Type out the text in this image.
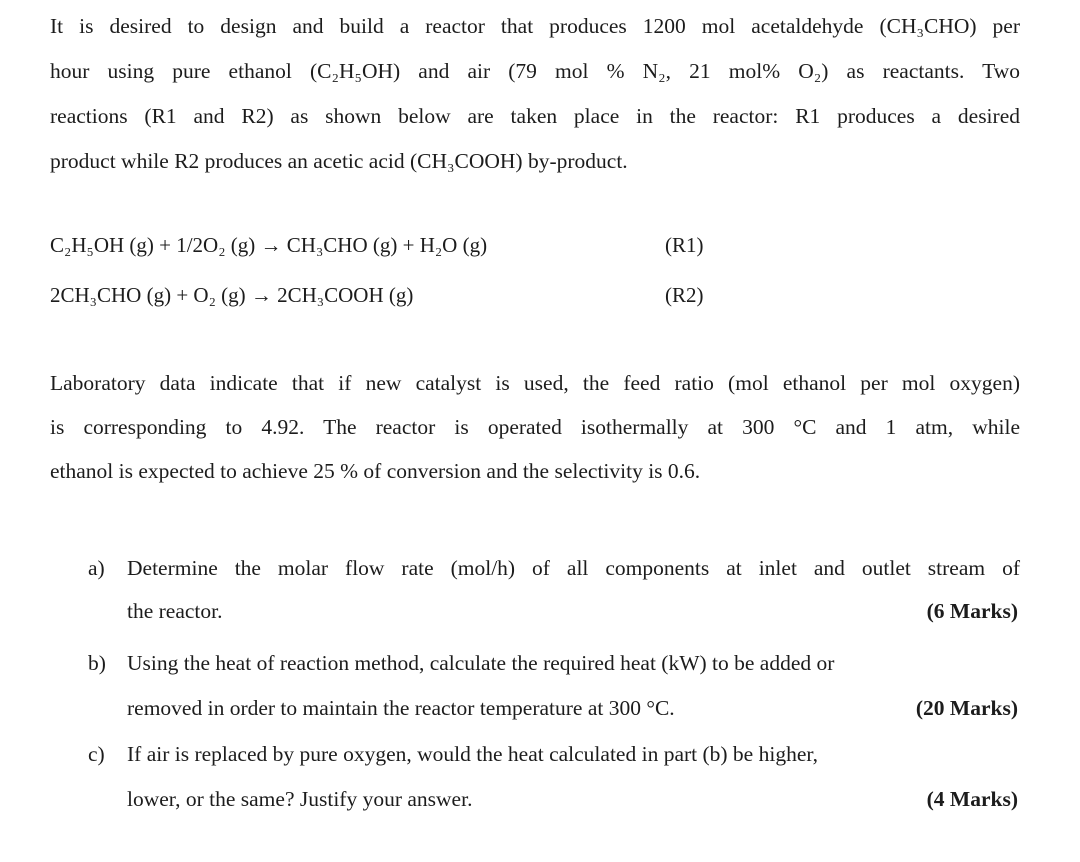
It is desired to design and build a reactor that produces 1200 mol acetaldehyde (CH₃CHO) per
hour using pure ethanol (C₂H₅OH) and air (79 mol % N₂, 21 mol% O₂) as reactants. Two
reactions (R1 and R2) as shown below are taken place in the reactor: R1 produces a desired
product while R2 produces an acetic acid (CH₃COOH) by-product.
C₂H₅OH (g) + 1/2O₂ (g) → CH₃CHO (g) + H₂O (g)	(R1)
2CH₃CHO (g) + O₂ (g) → 2CH₃COOH (g)	(R2)
Laboratory data indicate that if new catalyst is used, the feed ratio (mol ethanol per mol oxygen)
is corresponding to 4.92. The reactor is operated isothermally at 300 °C and 1 atm, while
ethanol is expected to achieve 25 % of conversion and the selectivity is 0.6.
a) Determine the molar flow rate (mol/h) of all components at inlet and outlet stream of
the reactor.	(6 Marks)
b) Using the heat of reaction method, calculate the required heat (kW) to be added or
removed in order to maintain the reactor temperature at 300 °C.	(20 Marks)
c) If air is replaced by pure oxygen, would the heat calculated in part (b) be higher,
lower, or the same? Justify your answer.	(4 Marks)
